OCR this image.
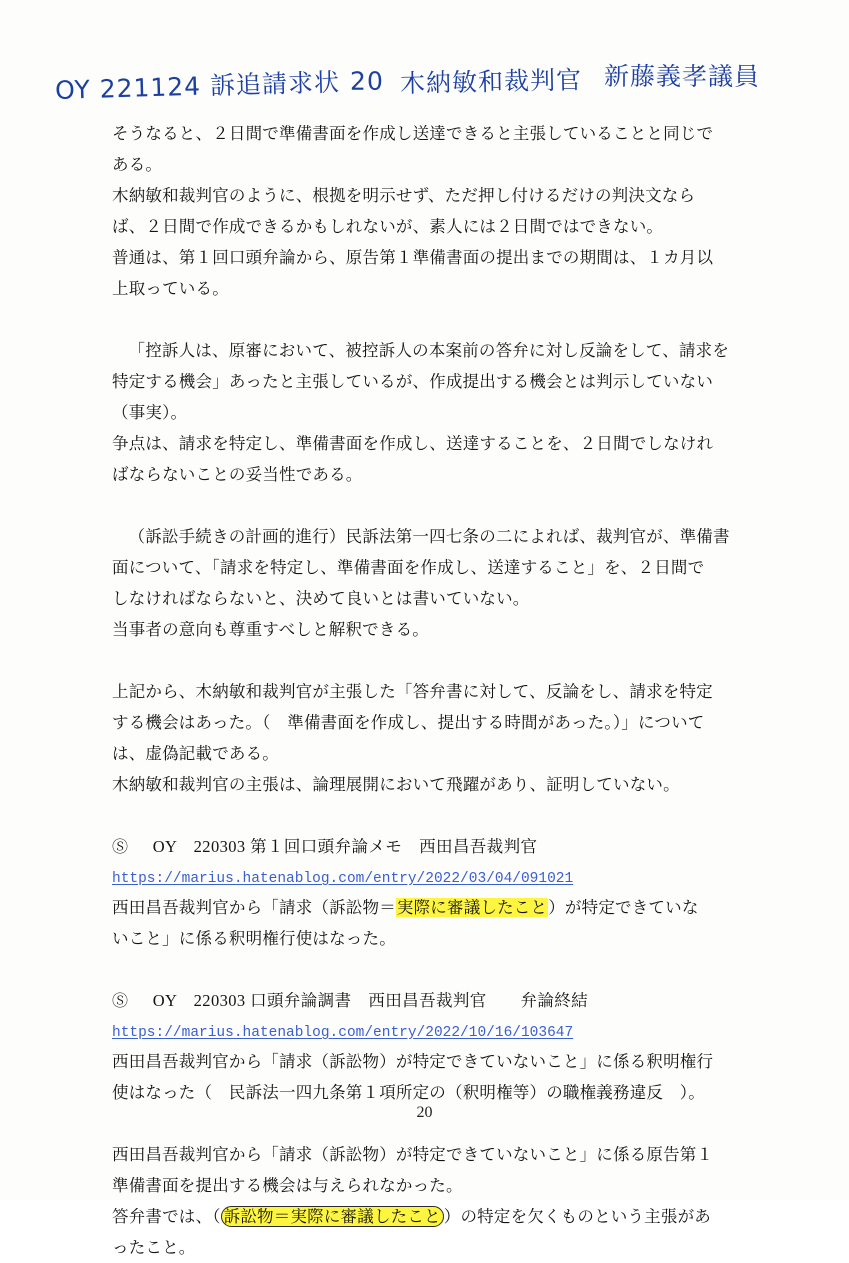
OY 221124 訴追請求状 20 木納敏和裁判官 新藤義孝議員

そうなると、２日間で準備書面を作成し送達できると主張していることと同じで

ある。

木納敏和裁判官のように、根拠を明示せず、ただ押し付けるだけの判決文なら

ば、２日間で作成できるかもしれないが、素人には２日間ではできない。

普通は、第１回口頭弁論から、原告第１準備書面の提出までの期間は、１カ月以

上取っている。

「控訴人は、原審において、被控訴人の本案前の答弁に対し反論をして、請求を

特定する機会」あったと主張しているが、作成提出する機会とは判示していない

（事実）。

争点は、請求を特定し、準備書面を作成し、送達することを、２日間でしなけれ

ばならないことの妥当性である。

（訴訟手続きの計画的進行）民訴法第一四七条の二によれば、裁判官が、準備書

面について、「請求を特定し、準備書面を作成し、送達すること」を、２日間で

しなければならないと、決めて良いとは書いていない。

当事者の意向も尊重すべしと解釈できる。

上記から、木納敏和裁判官が主張した「答弁書に対して、反論をし、請求を特定

する機会はあった。（　準備書面を作成し、提出する時間があった。）」について

は、虚偽記載である。

木納敏和裁判官の主張は、論理展開において飛躍があり、証明していない。

Ⓢ OY　220303 第１回口頭弁論メモ　西田昌吾裁判官

https://marius.hatenablog.com/entry/2022/03/04/091021

西田昌吾裁判官から「請求（訴訟物＝実際に審議したこと）が特定できていな

いこと」に係る釈明権行使はなった。

Ⓢ OY　220303 口頭弁論調書　西田昌吾裁判官　　弁論終結

https://marius.hatenablog.com/entry/2022/10/16/103647

西田昌吾裁判官から「請求（訴訟物）が特定できていないこと」に係る釈明権行

使はなった（　民訴法一四九条第１項所定の（釈明権等）の職権義務違反　）。

西田昌吾裁判官から「請求（訴訟物）が特定できていないこと」に係る原告第１

準備書面を提出する機会は与えられなかった。

答弁書では、（ 訴訟物＝実際に審議したこと ）の特定を欠くものという主張があ

ったこと。

20
